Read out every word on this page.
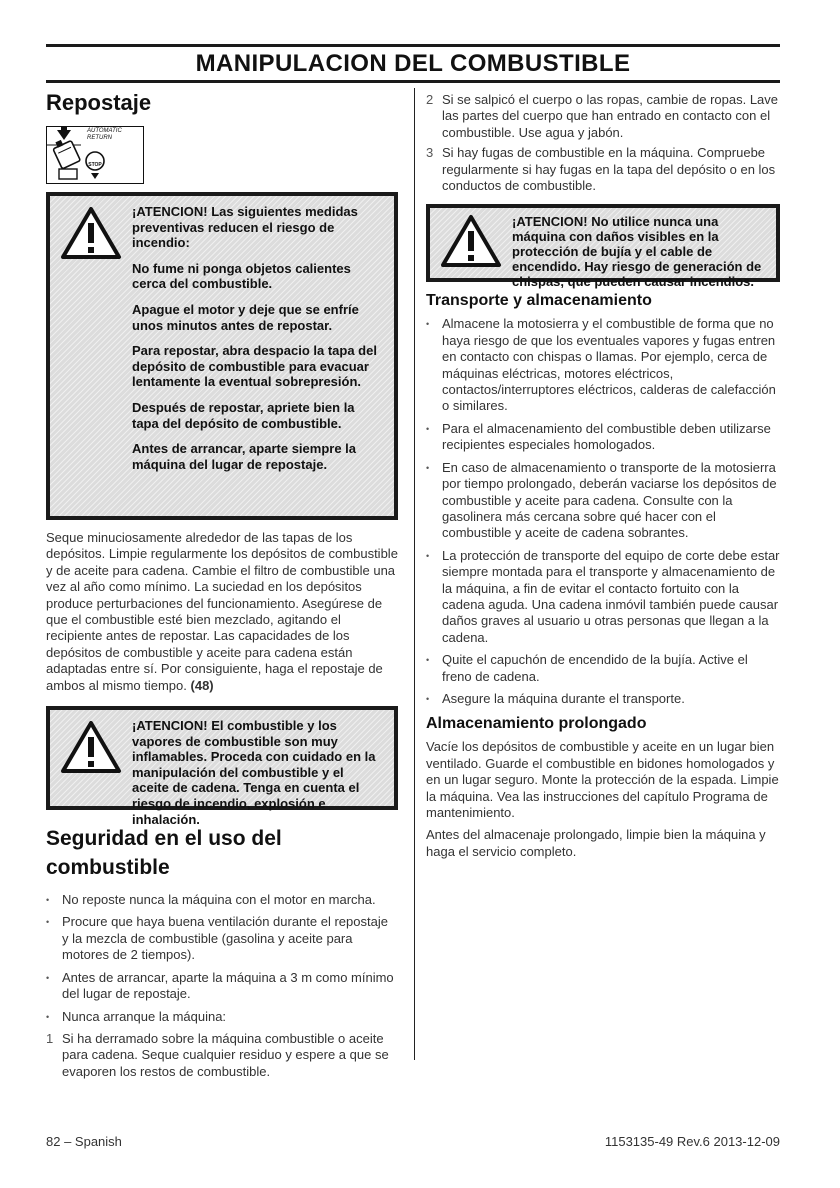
MANIPULACION DEL COMBUSTIBLE
Repostaje
AUTOMATIC RETURN
STOP

¡ATENCION! Las siguientes medidas preventivas reducen el riesgo de incendio:

No fume ni ponga objetos calientes cerca del combustible.

Apague el motor y deje que se enfríe unos minutos antes de repostar.

Para repostar, abra despacio la tapa del depósito de combustible para evacuar lentamente la eventual sobrepresión.

Después de repostar, apriete bien la tapa del depósito de combustible.

Antes de arrancar, aparte siempre la máquina del lugar de repostaje.

Seque minuciosamente alrededor de las tapas de los depósitos. Limpie regularmente los depósitos de combustible y de aceite para cadena. Cambie el filtro de combustible una vez al año como mínimo. La suciedad en los depósitos produce perturbaciones del funcionamiento. Asegúrese de que el combustible esté bien mezclado, agitando el recipiente antes de repostar. Las capacidades de los depósitos de combustible y aceite para cadena están adaptadas entre sí. Por consiguiente, haga el repostaje de ambos al mismo tiempo. (48)

¡ATENCION! El combustible y los vapores de combustible son muy inflamables. Proceda con cuidado en la manipulación del combustible y el aceite de cadena. Tenga en cuenta el riesgo de incendio, explosión e inhalación.

Seguridad en el uso del combustible
• No reposte nunca la máquina con el motor en marcha.
• Procure que haya buena ventilación durante el repostaje y la mezcla de combustible (gasolina y aceite para motores de 2 tiempos).
• Antes de arrancar, aparte la máquina a 3 m como mínimo del lugar de repostaje.
• Nunca arranque la máquina:
1 Si ha derramado sobre la máquina combustible o aceite para cadena. Seque cualquier residuo y espere a que se evaporen los restos de combustible.
2 Si se salpicó el cuerpo o las ropas, cambie de ropas. Lave las partes del cuerpo que han entrado en contacto con el combustible. Use agua y jabón.
3 Si hay fugas de combustible en la máquina. Compruebe regularmente si hay fugas en la tapa del depósito o en los conductos de combustible.

¡ATENCION! No utilice nunca una máquina con daños visibles en la protección de bujía y el cable de encendido. Hay riesgo de generación de chispas, que pueden causar incendios.

Transporte y almacenamiento
• Almacene la motosierra y el combustible de forma que no haya riesgo de que los eventuales vapores y fugas entren en contacto con chispas o llamas. Por ejemplo, cerca de máquinas eléctricas, motores eléctricos, contactos/interruptores eléctricos, calderas de calefacción o similares.
• Para el almacenamiento del combustible deben utilizarse recipientes especiales homologados.
• En caso de almacenamiento o transporte de la motosierra por tiempo prolongado, deberán vaciarse los depósitos de combustible y aceite para cadena. Consulte con la gasolinera más cercana sobre qué hacer con el combustible y aceite de cadena sobrantes.
• La protección de transporte del equipo de corte debe estar siempre montada para el transporte y almacenamiento de la máquina, a fin de evitar el contacto fortuito con la cadena aguda. Una cadena inmóvil también puede causar daños graves al usuario u otras personas que llegan a la cadena.
• Quite el capuchón de encendido de la bujía. Active el freno de cadena.
• Asegure la máquina durante el transporte.
Almacenamiento prolongado

Vacíe los depósitos de combustible y aceite en un lugar bien ventilado. Guarde el combustible en bidones homologados y en un lugar seguro. Monte la protección de la espada. Limpie la máquina. Vea las instrucciones del capítulo Programa de mantenimiento.

Antes del almacenaje prolongado, limpie bien la máquina y haga el servicio completo.

82 – Spanish	1153135-49 Rev.6 2013-12-09
